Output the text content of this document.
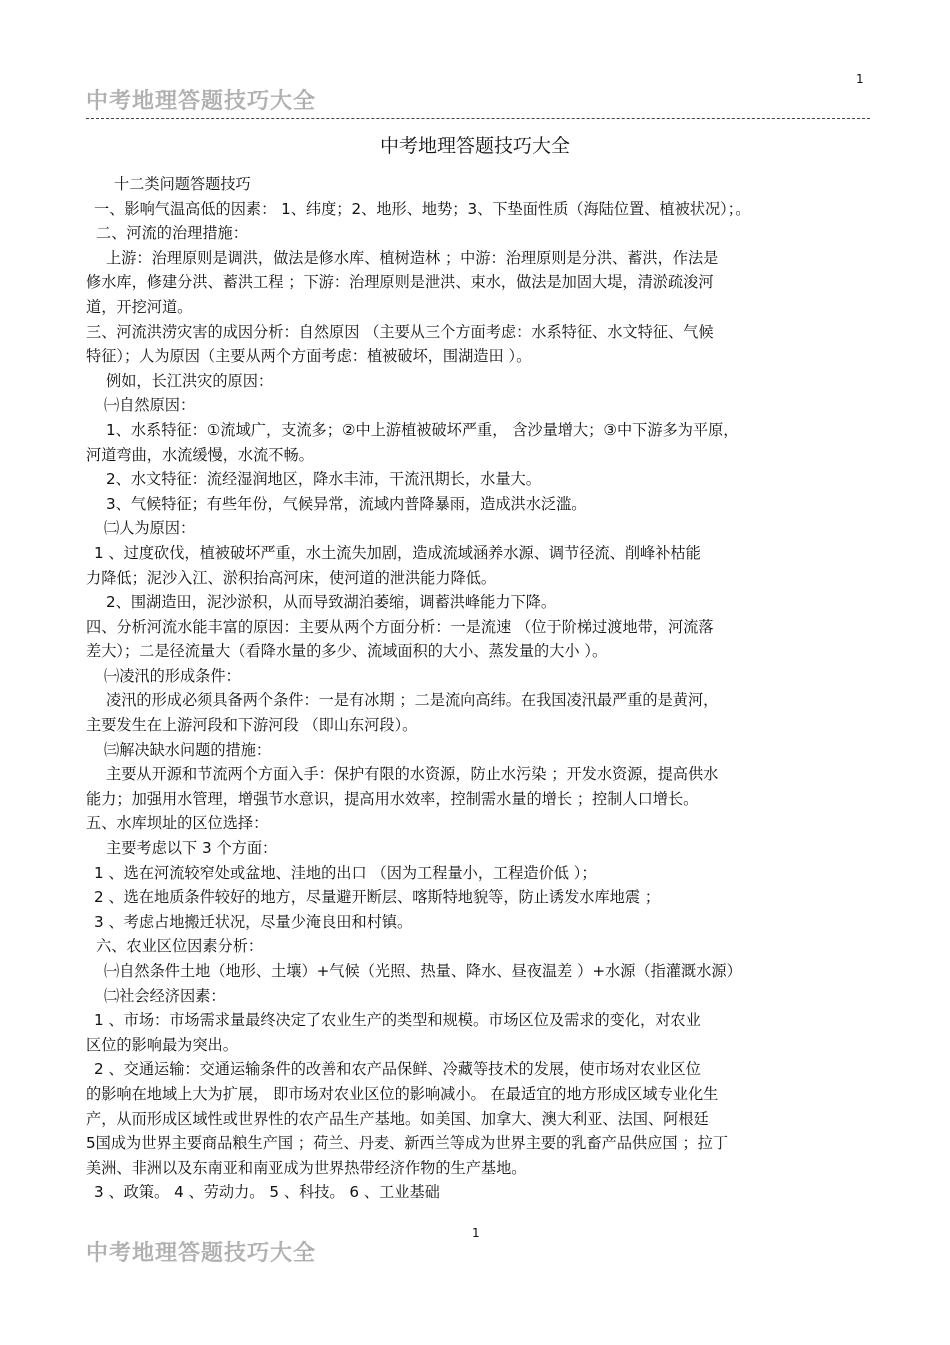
1
中考地理答题技巧大全
中考地理答题技巧大全

十二类问题答题技巧

一、影响气温高低的因素： 1、纬度；2、地形、地势；3、下垫面性质（海陆位置、植被状况）；。

二、河流的治理措施：

上游：治理原则是调洪，做法是修水库、植树造林 ；中游：治理原则是分洪、蓄洪，作法是

修水库，修建分洪、蓄洪工程 ；下游：治理原则是泄洪、束水，做法是加固大堤，清淤疏浚河

道，开挖河道。

三、河流洪涝灾害的成因分析：自然原因 （主要从三个方面考虑：水系特征、水文特征、气候

特征）；人为原因（主要从两个方面考虑：植被破坏，围湖造田 ）。

例如，长江洪灾的原因：

㈠自然原因：

1、水系特征：①流域广，支流多；②中上游植被破坏严重， 含沙量增大；③中下游多为平原，

河道弯曲，水流缓慢，水流不畅。

2、水文特征：流经湿润地区，降水丰沛，干流汛期长，水量大。

3、气候特征；有些年份，气候异常，流域内普降暴雨，造成洪水泛滥。

㈡人为原因：

1 、过度砍伐，植被破坏严重，水土流失加剧，造成流域涵养水源、调节径流、削峰补枯能

力降低；泥沙入江、淤积抬高河床，使河道的泄洪能力降低。

2、围湖造田，泥沙淤积，从而导致湖泊萎缩，调蓄洪峰能力下降。

四、分析河流水能丰富的原因：主要从两个方面分析：一是流速 （位于阶梯过渡地带，河流落

差大）；二是径流量大（看降水量的多少、流域面积的大小、蒸发量的大小 ）。

㈠凌汛的形成条件：

凌汛的形成必须具备两个条件：一是有冰期 ；二是流向高纬。在我国凌汛最严重的是黄河，

主要发生在上游河段和下游河段 （即山东河段）。

㈢解决缺水问题的措施：

主要从开源和节流两个方面入手：保护有限的水资源，防止水污染 ；开发水资源，提高供水

能力；加强用水管理，增强节水意识，提高用水效率，控制需水量的增长 ；控制人口增长。

五、水库坝址的区位选择：

主要考虑以下 3 个方面：

1 、选在河流较窄处或盆地、洼地的出口 （因为工程量小，工程造价低 ）；

2 、选在地质条件较好的地方，尽量避开断层、喀斯特地貌等，防止诱发水库地震 ；

3 、考虑占地搬迁状况，尽量少淹良田和村镇。

六、农业区位因素分析：

㈠自然条件土地（地形、土壤）+气候（光照、热量、降水、昼夜温差 ）+水源（指灌溉水源）

㈡社会经济因素：

1 、市场：市场需求量最终决定了农业生产的类型和规模。市场区位及需求的变化，对农业

区位的影响最为突出。

2 、交通运输：交通运输条件的改善和农产品保鲜、冷藏等技术的发展，使市场对农业区位

的影响在地域上大为扩展， 即市场对农业区位的影响减小。 在最适宜的地方形成区域专业化生

产，从而形成区域性或世界性的农产品生产基地。如美国、加拿大、澳大利亚、法国、阿根廷

5国成为世界主要商品粮生产国 ；荷兰、丹麦、新西兰等成为世界主要的乳畜产品供应国 ；拉丁

美洲、非洲以及东南亚和南亚成为世界热带经济作物的生产基地。

3 、政策。 4 、劳动力。 5 、科技。 6 、工业基础

1
中考地理答题技巧大全
